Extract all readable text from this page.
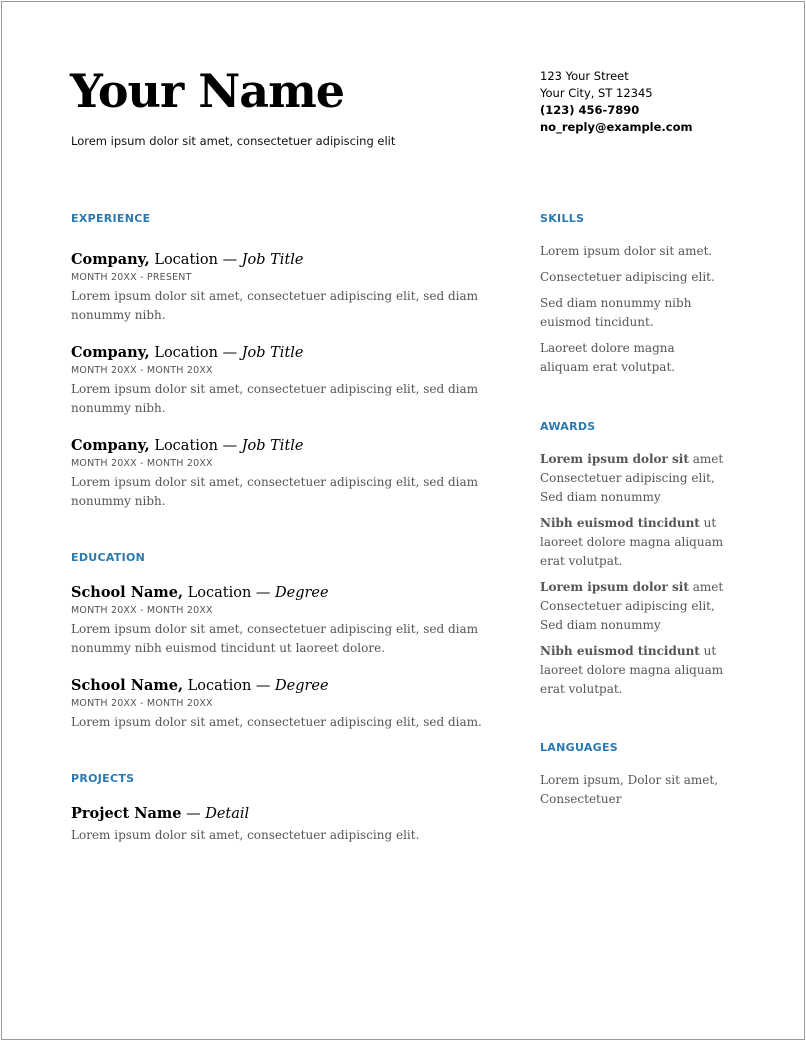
Your Name
Lorem ipsum dolor sit amet, consectetuer adipiscing elit
123 Your Street
Your City, ST 12345
(123) 456-7890
no_reply@example.com
EXPERIENCE

Company, Location — Job Title

MONTH 20XX - PRESENT
Lorem ipsum dolor sit amet, consectetuer adipiscing elit, sed diam nonummy nibh.

Company, Location — Job Title

MONTH 20XX - MONTH 20XX
Lorem ipsum dolor sit amet, consectetuer adipiscing elit, sed diam nonummy nibh.

Company, Location — Job Title

MONTH 20XX - MONTH 20XX
Lorem ipsum dolor sit amet, consectetuer adipiscing elit, sed diam nonummy nibh.
EDUCATION

School Name, Location — Degree

MONTH 20XX - MONTH 20XX
Lorem ipsum dolor sit amet, consectetuer adipiscing elit, sed diam nonummy nibh euismod tincidunt ut laoreet dolore.

School Name, Location — Degree

MONTH 20XX - MONTH 20XX
Lorem ipsum dolor sit amet, consectetuer adipiscing elit, sed diam.
PROJECTS

Project Name — Detail

Lorem ipsum dolor sit amet, consectetuer adipiscing elit.
SKILLS
Lorem ipsum dolor sit amet.
Consectetuer adipiscing elit.
Sed diam nonummy nibh euismod tincidunt.
Laoreet dolore magna aliquam erat volutpat.
AWARDS
Lorem ipsum dolor sit amet Consectetuer adipiscing elit, Sed diam nonummy
Nibh euismod tincidunt ut laoreet dolore magna aliquam erat volutpat.
Lorem ipsum dolor sit amet Consectetuer adipiscing elit, Sed diam nonummy
Nibh euismod tincidunt ut laoreet dolore magna aliquam erat volutpat.
LANGUAGES
Lorem ipsum, Dolor sit amet, Consectetuer
